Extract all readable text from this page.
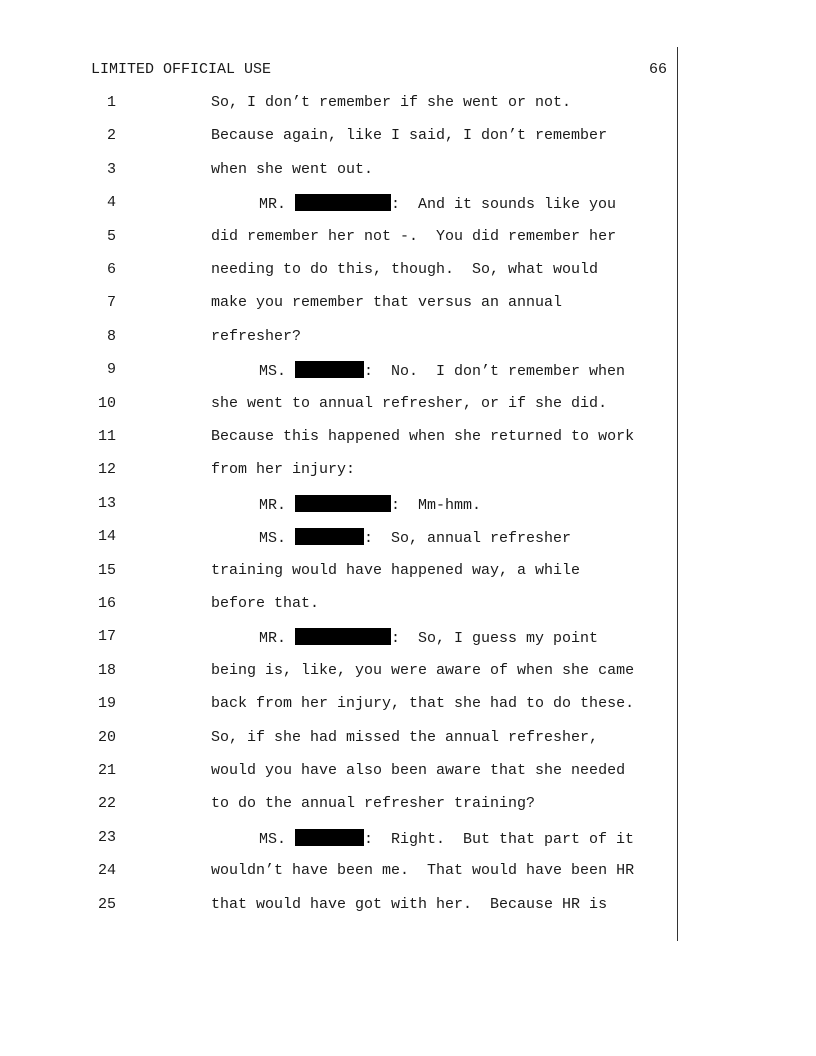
LIMITED OFFICIAL USE	66
1	So, I don’t remember if she went or not.
2	Because again, like I said, I don’t remember
3	when she went out.
4	MR.	:  And it sounds like you
5	did remember her not -.  You did remember her
6	needing to do this, though.  So, what would
7	make you remember that versus an annual
8	refresher?
9	MS.	:  No.  I don’t remember when
10	she went to annual refresher, or if she did.
11	Because this happened when she returned to work
12	from her injury:
13	MR.	:  Mm-hmm.
14	MS.	:  So, annual refresher
15	training would have happened way, a while
16	before that.
17	MR.	:  So, I guess my point
18	being is, like, you were aware of when she came
19	back from her injury, that she had to do these.
20	So, if she had missed the annual refresher,
21	would you have also been aware that she needed
22	to do the annual refresher training?
23	MS.	:  Right.  But that part of it
24	wouldn’t have been me.  That would have been HR
25	that would have got with her.  Because HR is
